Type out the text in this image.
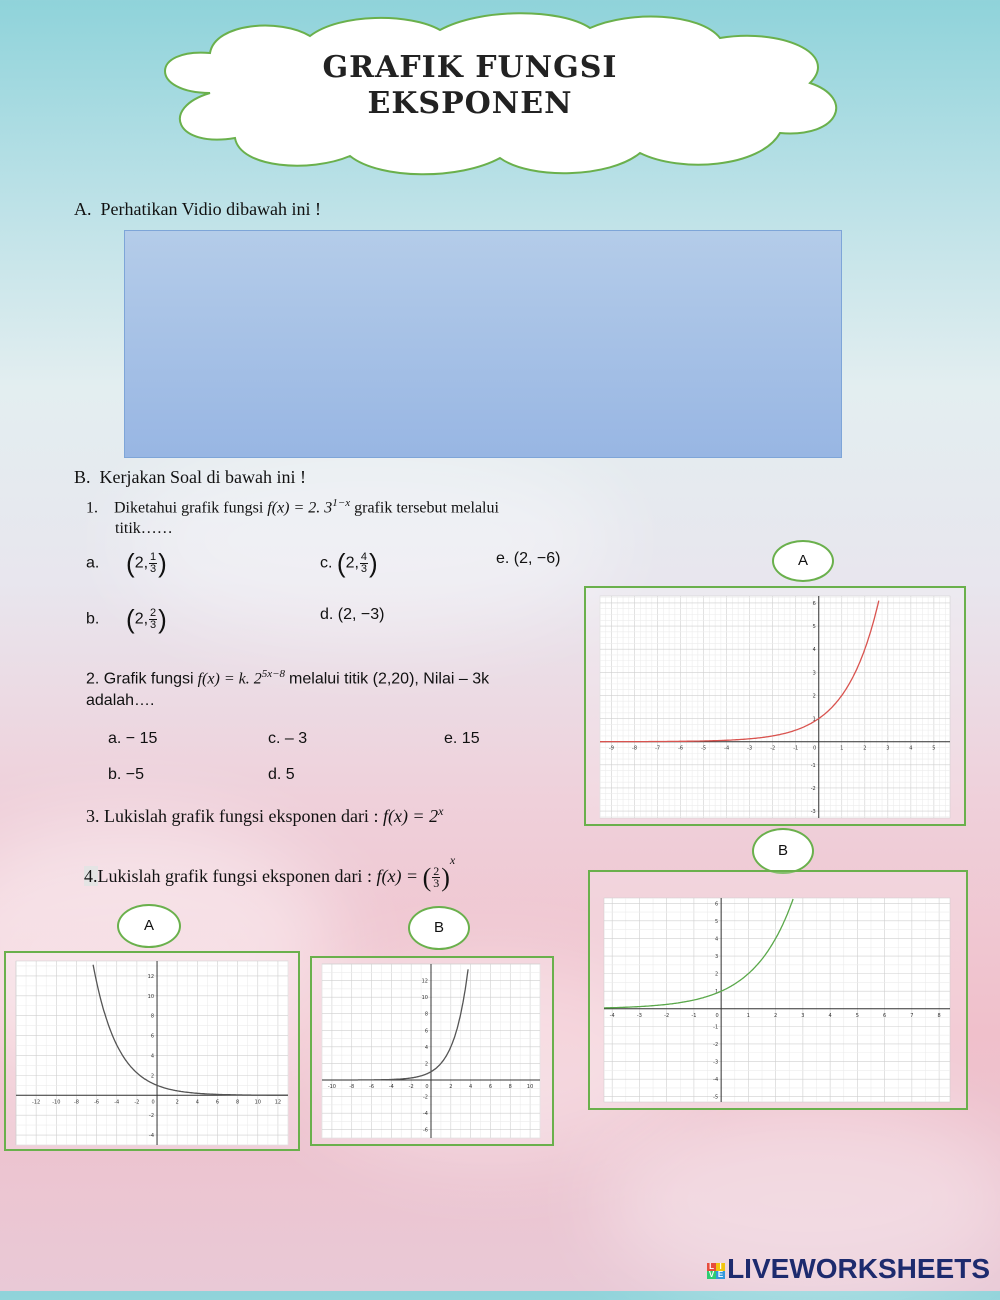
GRAFIK FUNGSI
EKSPONEN
A. Perhatikan Vidio dibawah ini !
B. Kerjakan Soal di bawah ini !
1. Diketahui grafik fungsi f(x) = 2. $3^{1-x}$ grafik tersebut melalui
titik……
a. (2, $\frac{1}{3}$ )	c. (2, $\frac{4}{3}$ )	e. (2, −6)
b. (2, $\frac{2}{3}$ )	d. (2, −3)
2. Grafik fungsi f(x) = k. $2^{5x-8}$ melalui titik (2,20), Nilai – 3k
adalah….
a. − 15	c. – 3	e. 15
b. −5	d. 5
3. Lukislah grafik fungsi eksponen dari : $f(x) = 2^x$
4.Lukislah grafik fungsi eksponen dari : f(x) = ( $\frac{2}{3} )^x$
A
B
A	B
-9	-8	-7	-6	-5	-4	-3	-2	-1	0	1	2	3	4	5
6
5
4
3
2
1
-1
-2
-3
-4	-3	-2	-1	0	1	2	3	4	5	6	7	8
6
5
4
3
2
1
-1
-2
-3
-4
-5
-12 -10	-8	-6	-4	-2 0	2	4	6	8	10	12
12
10
8
6
4
2
-2
-4
-10	-8	-6	-4	-2 0	2	4	6	8	10
12
10
8
6
4
2
-2
-4
-6
L I
V E LIVEWORKSHEETS
